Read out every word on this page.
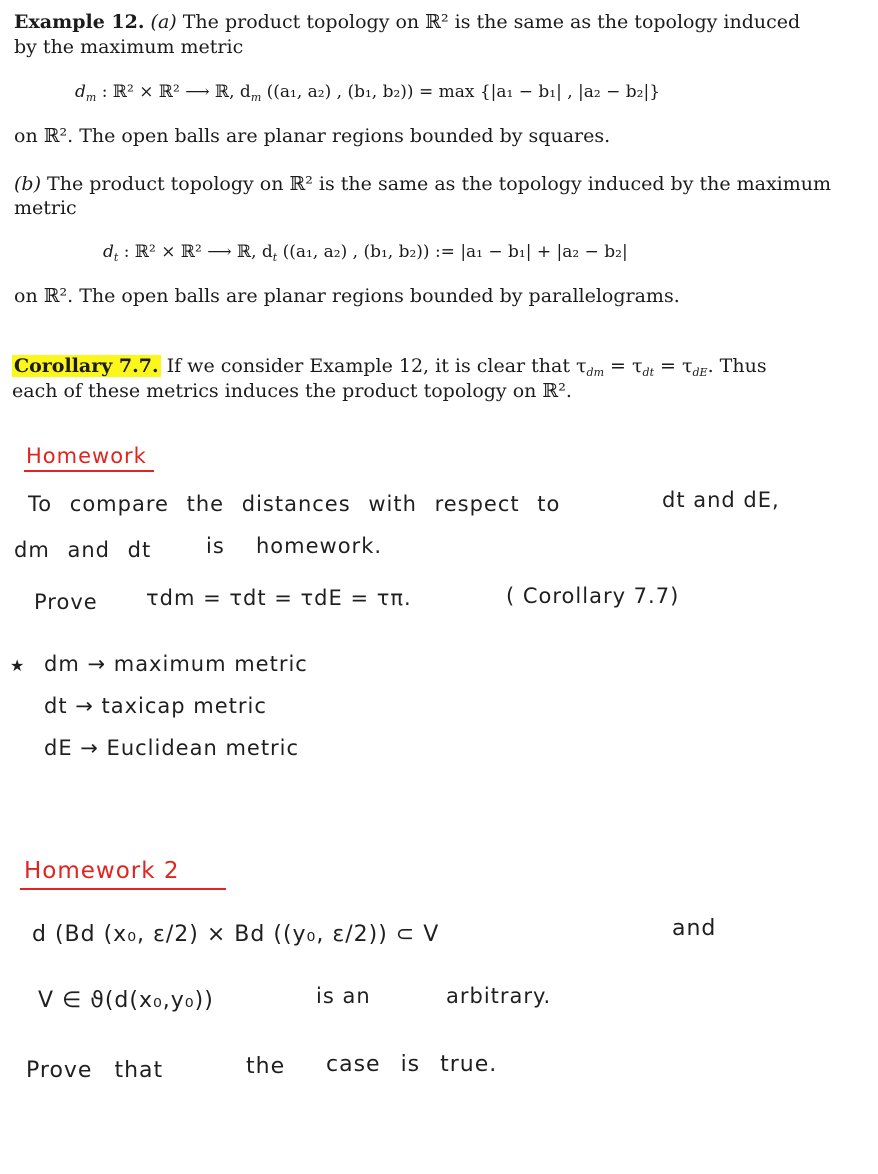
Example 12. (a) The product topology on ℝ² is the same as the topology induced
by the maximum metric
$d_m$ : ℝ² × ℝ² ⟶ ℝ, $d_m$ ((a₁, a₂) , (b₁, b₂)) = max {|a₁ − b₁| , |a₂ − b₂|}
on ℝ². The open balls are planar regions bounded by squares.
(b) The product topology on ℝ² is the same as the topology induced by the maximum
metric
$d_t$ : ℝ² × ℝ² ⟶ ℝ, $d_t$ ((a₁, a₂) , (b₁, b₂)) := |a₁ − b₁| + |a₂ − b₂|
on ℝ². The open balls are planar regions bounded by parallelograms.
Corollary 7.7. If we consider Example 12, it is clear that $\tau_{dm} = \tau_{dt} = \tau_{dE}$. Thus
each of these metrics induces the product topology on ℝ².
Homework
To compare the distances with respect to	dt and dE,
dm and dt	is homework.
Prove τdm = τdt = τdE = τπ.	( Corollary 7.7)
★ dm → maximum metric
dt → taxicap metric
dE → Euclidean metric
Homework 2
d (Bd (x₀, ε/2) × Bd ((y₀, ε/2)) ⊂ V	and
V ∈ ϑ(d(x₀,y₀))	is an	arbitrary.
Prove that	the case is true.
